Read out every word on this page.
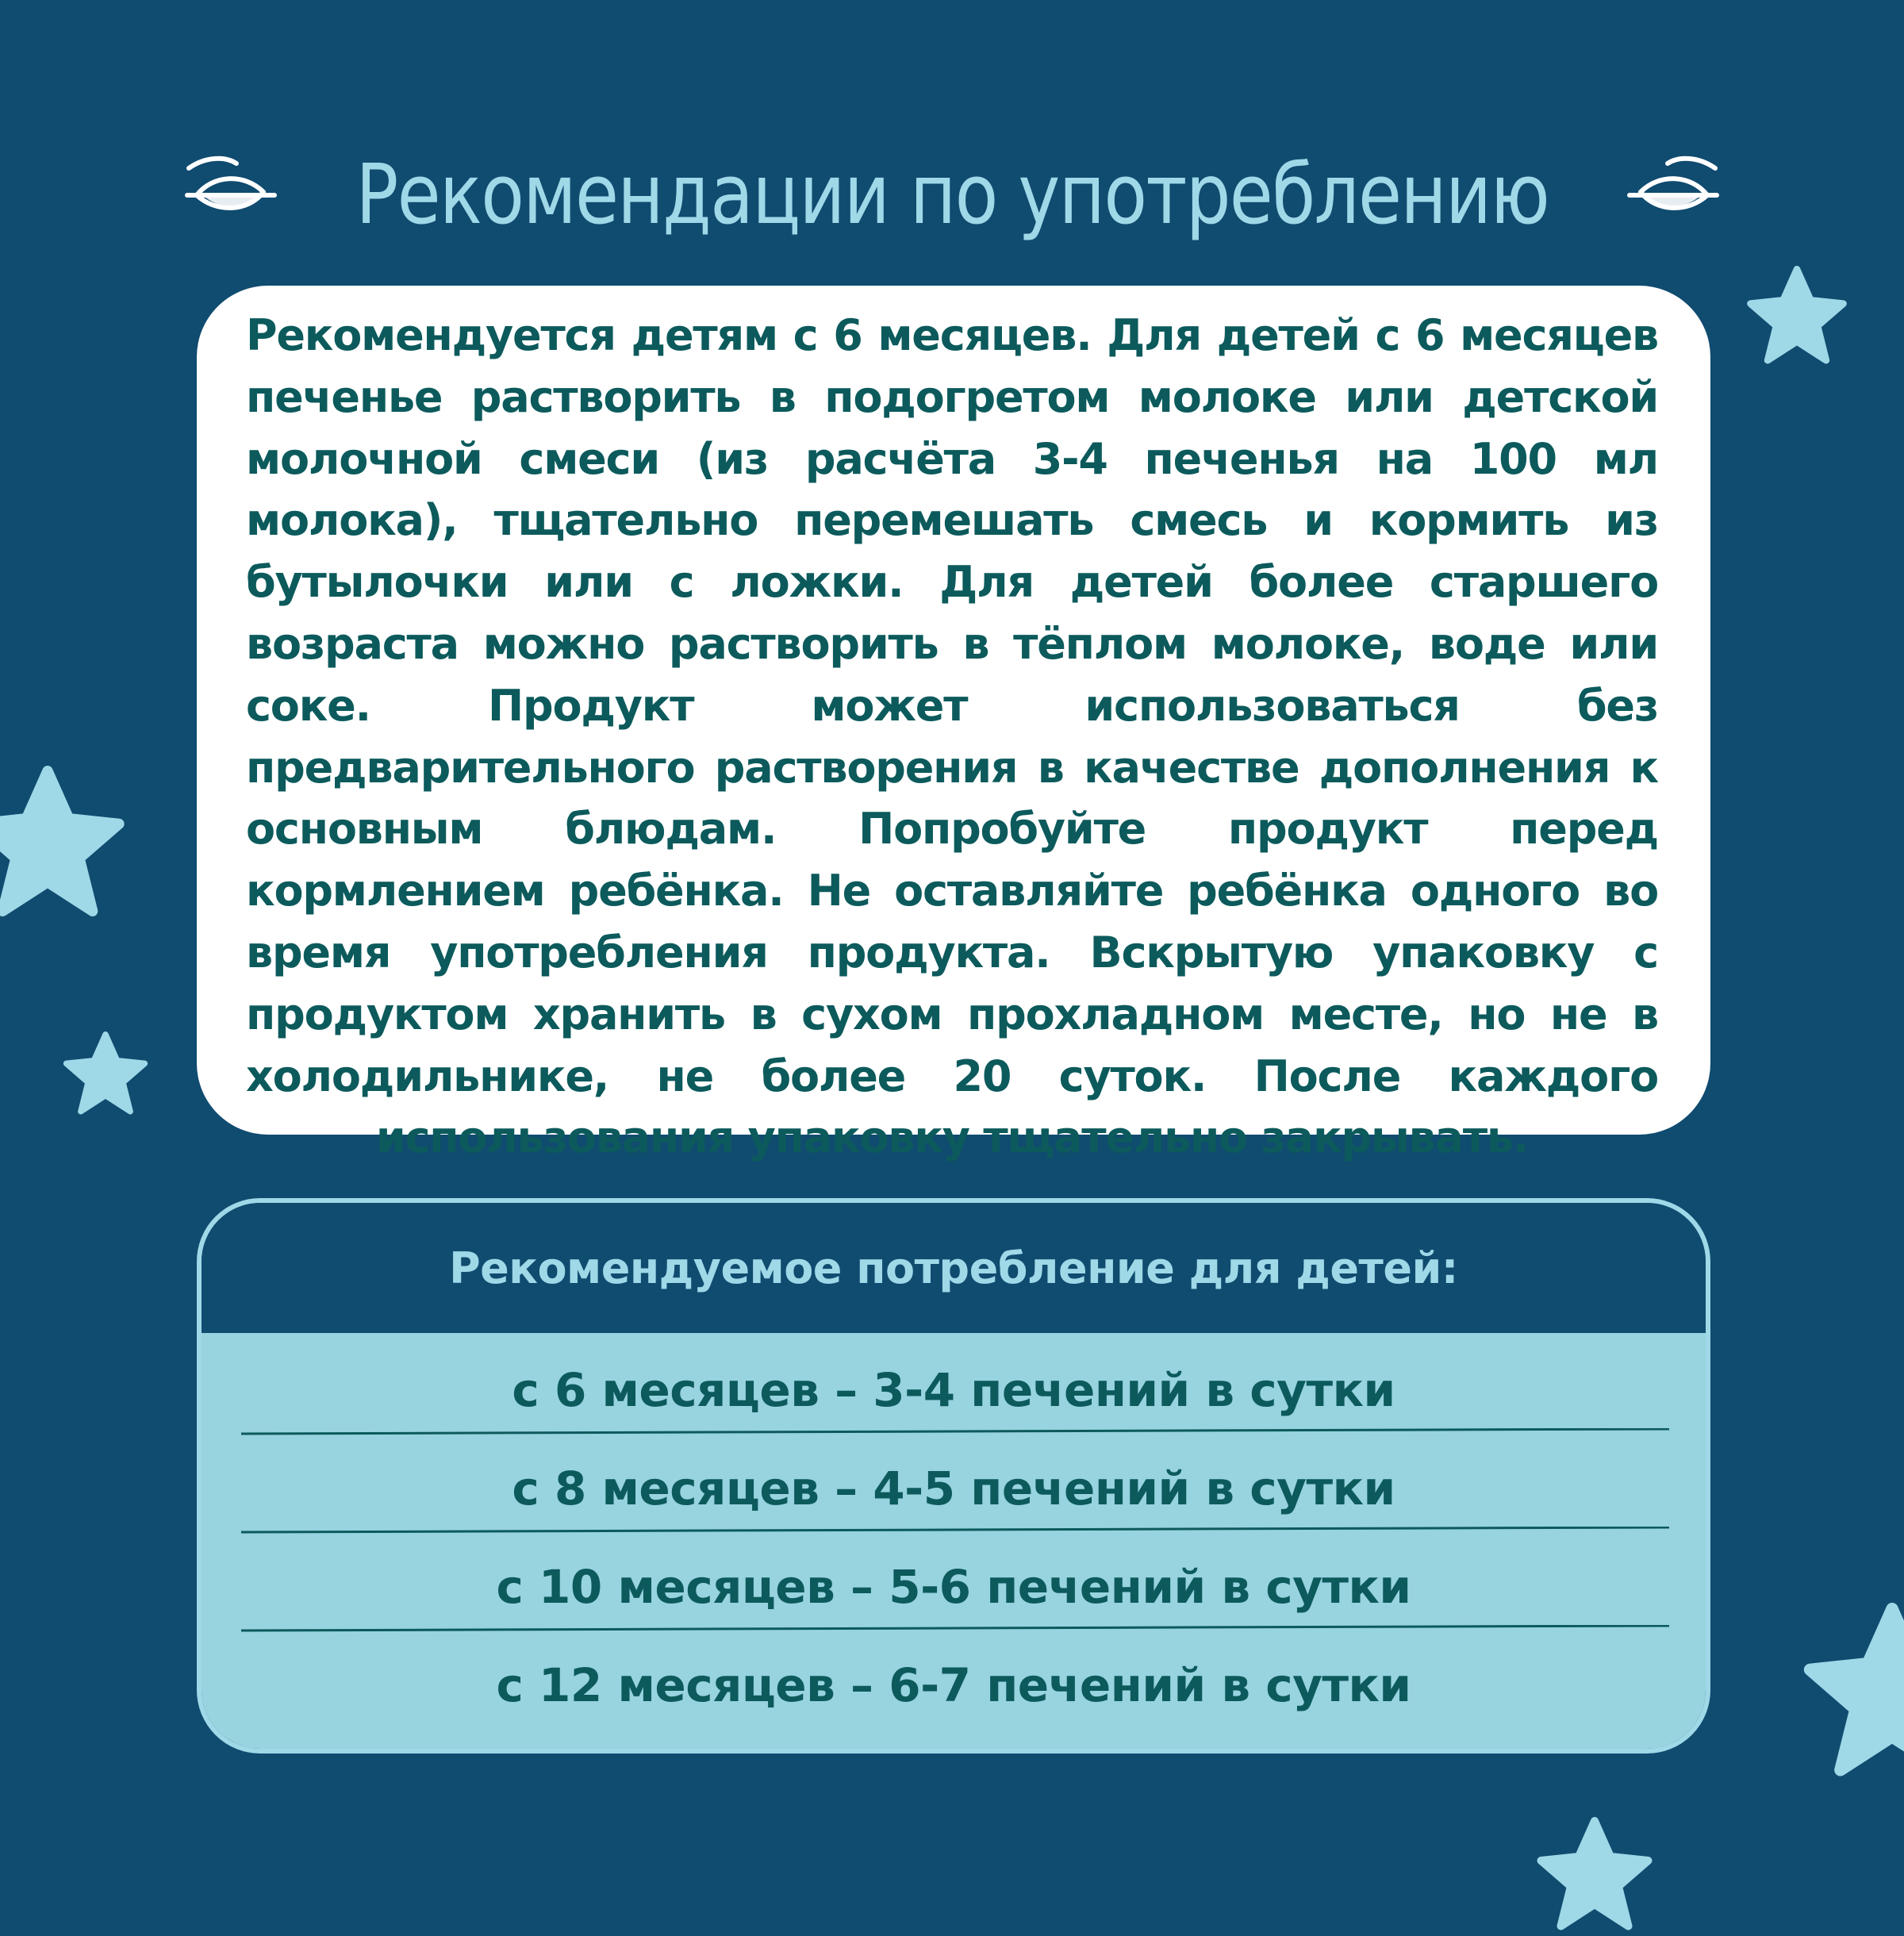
Рекомендации по употреблению

Рекомендуется детям с 6 месяцев. Для детей с 6 месяцев печенье растворить в подогретом молоке или детской молочной смеси (из расчёта 3-4 печенья на 100 мл молока), тщательно перемешать смесь и кормить из бутылочки или с ложки. Для детей более старшего возраста можно растворить в тёплом молоке, воде или соке. Продукт может использоваться без предварительного растворения в качестве дополнения к основным блюдам. Попробуйте продукт перед кормлением ребёнка. Не оставляйте ребёнка одного во время употребления продукта. Вскрытую упаковку с продуктом хранить в сухом прохладном месте, но не в холодильнике, не более 20 суток. После каждого использования упаковку тщательно закрывать.

Рекомендуемое потребление для детей:
с 6 месяцев – 3-4 печений в сутки
с 8 месяцев – 4-5 печений в сутки
с 10 месяцев – 5-6 печений в сутки
с 12 месяцев – 6-7 печений в сутки
